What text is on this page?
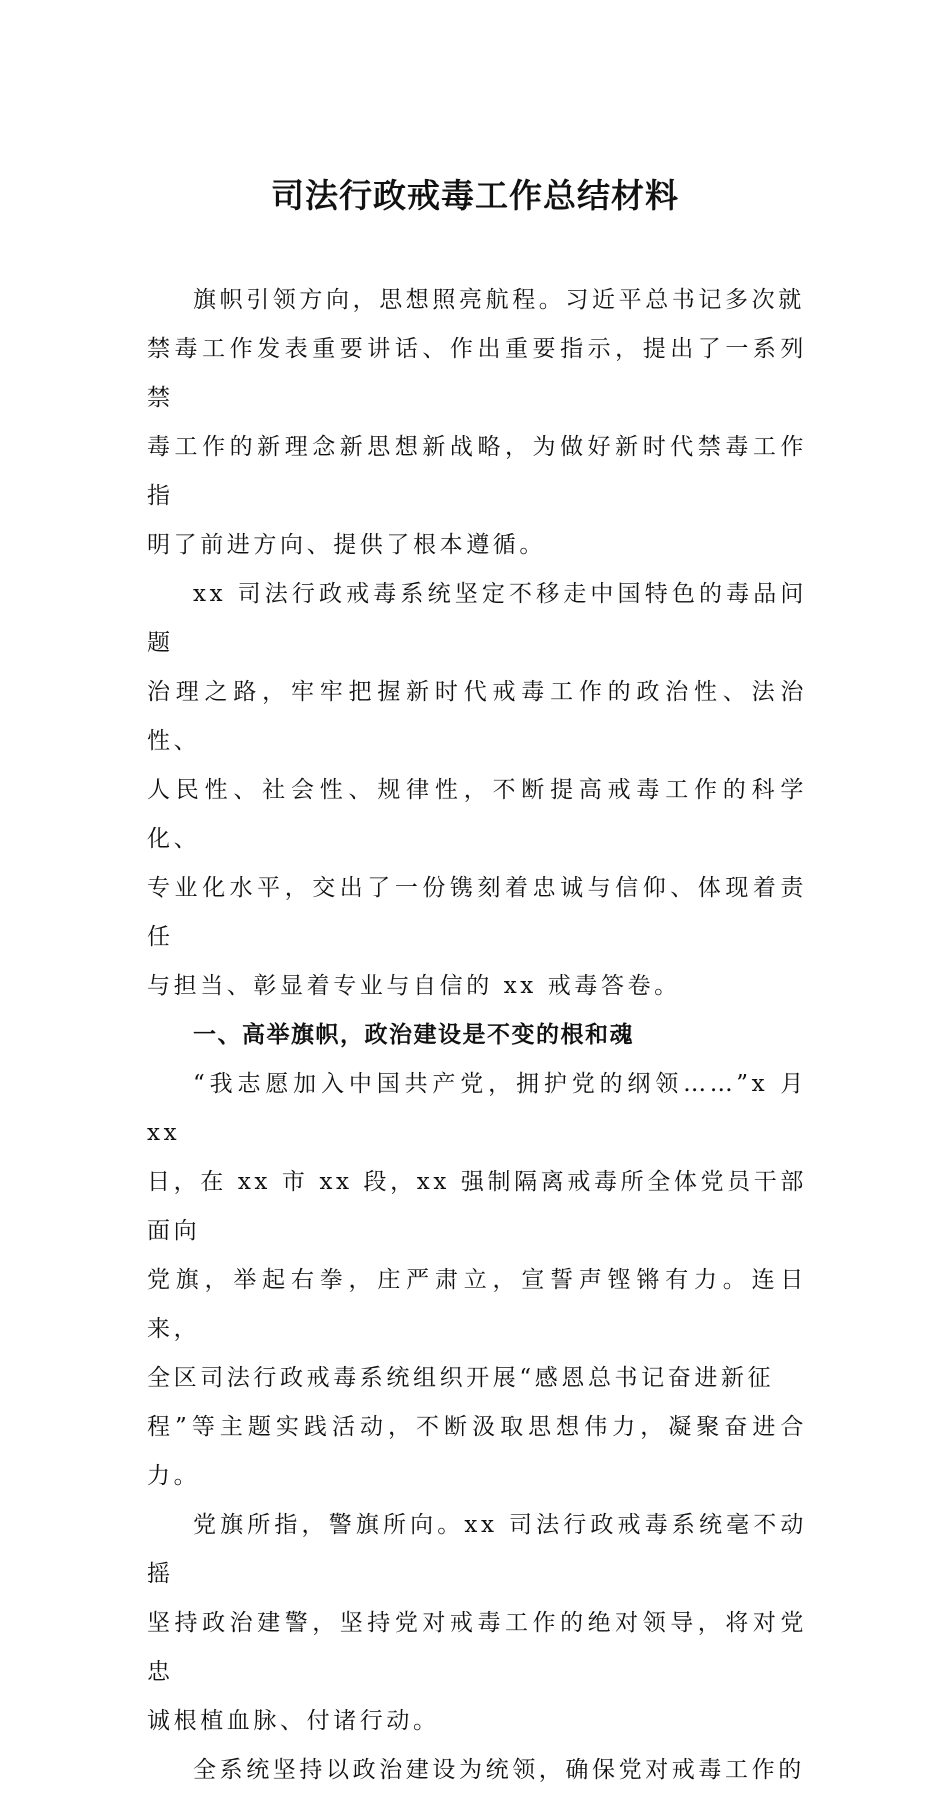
司法行政戒毒工作总结材料

旗帜引领方向，思想照亮航程。习近平总书记多次就
禁毒工作发表重要讲话、作出重要指示，提出了一系列禁
毒工作的新理念新思想新战略，为做好新时代禁毒工作指
明了前进方向、提供了根本遵循。

xx 司法行政戒毒系统坚定不移走中国特色的毒品问题
治理之路，牢牢把握新时代戒毒工作的政治性、法治性、
人民性、社会性、规律性，不断提高戒毒工作的科学化、
专业化水平，交出了一份镌刻着忠诚与信仰、体现着责任
与担当、彰显着专业与自信的 xx 戒毒答卷。

一、高举旗帜，政治建设是不变的根和魂

“我志愿加入中国共产党，拥护党的纲领……”x 月 xx
日，在 xx 市 xx 段，xx 强制隔离戒毒所全体党员干部面向
党旗，举起右拳，庄严肃立，宣誓声铿锵有力。连日来，
全区司法行政戒毒系统组织开展“感恩总书记奋进新征
程”等主题实践活动，不断汲取思想伟力，凝聚奋进合力。

党旗所指，警旗所向。xx 司法行政戒毒系统毫不动摇
坚持政治建警，坚持党对戒毒工作的绝对领导，将对党忠
诚根植血脉、付诸行动。

全系统坚持以政治建设为统领，确保党对戒毒工作的
